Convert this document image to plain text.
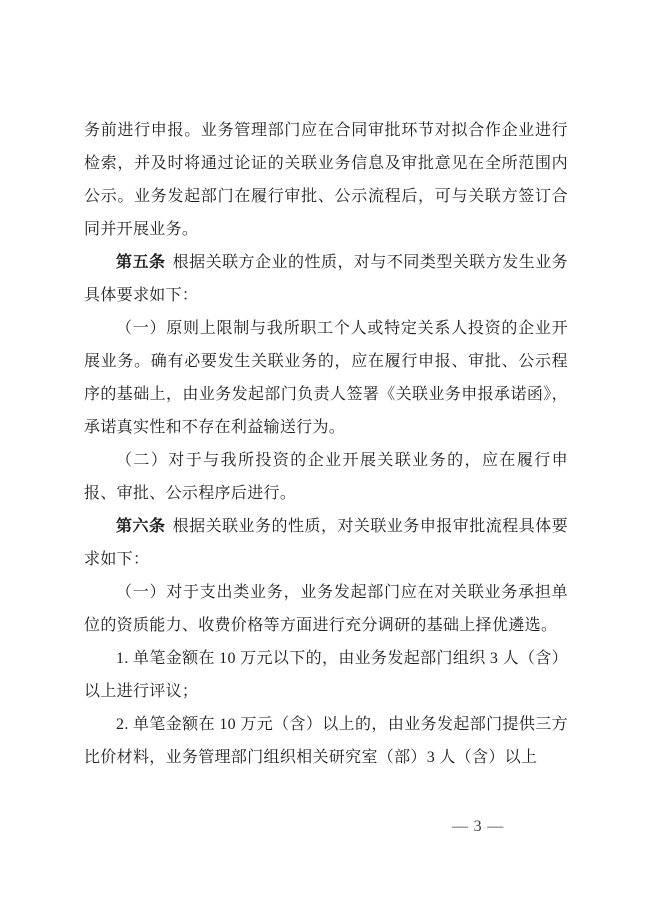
务前进行申报。业务管理部门应在合同审批环节对拟合作企业进行检索，并及时将通过论证的关联业务信息及审批意见在全所范围内公示。业务发起部门在履行审批、公示流程后，可与关联方签订合同并开展业务。

第五条 根据关联方企业的性质，对与不同类型关联方发生业务具体要求如下：

（一）原则上限制与我所职工个人或特定关系人投资的企业开展业务。确有必要发生关联业务的，应在履行申报、审批、公示程序的基础上，由业务发起部门负责人签署《关联业务申报承诺函》，承诺真实性和不存在利益输送行为。

（二）对于与我所投资的企业开展关联业务的，应在履行申报、审批、公示程序后进行。

第六条 根据关联业务的性质，对关联业务申报审批流程具体要求如下：

（一）对于支出类业务，业务发起部门应在对关联业务承担单位的资质能力、收费价格等方面进行充分调研的基础上择优遴选。

1. 单笔金额在 10 万元以下的，由业务发起部门组织 3 人（含）以上进行评议；

2. 单笔金额在 10 万元（含）以上的，由业务发起部门提供三方比价材料，业务管理部门组织相关研究室（部）3 人（含）以上

— 3 —
